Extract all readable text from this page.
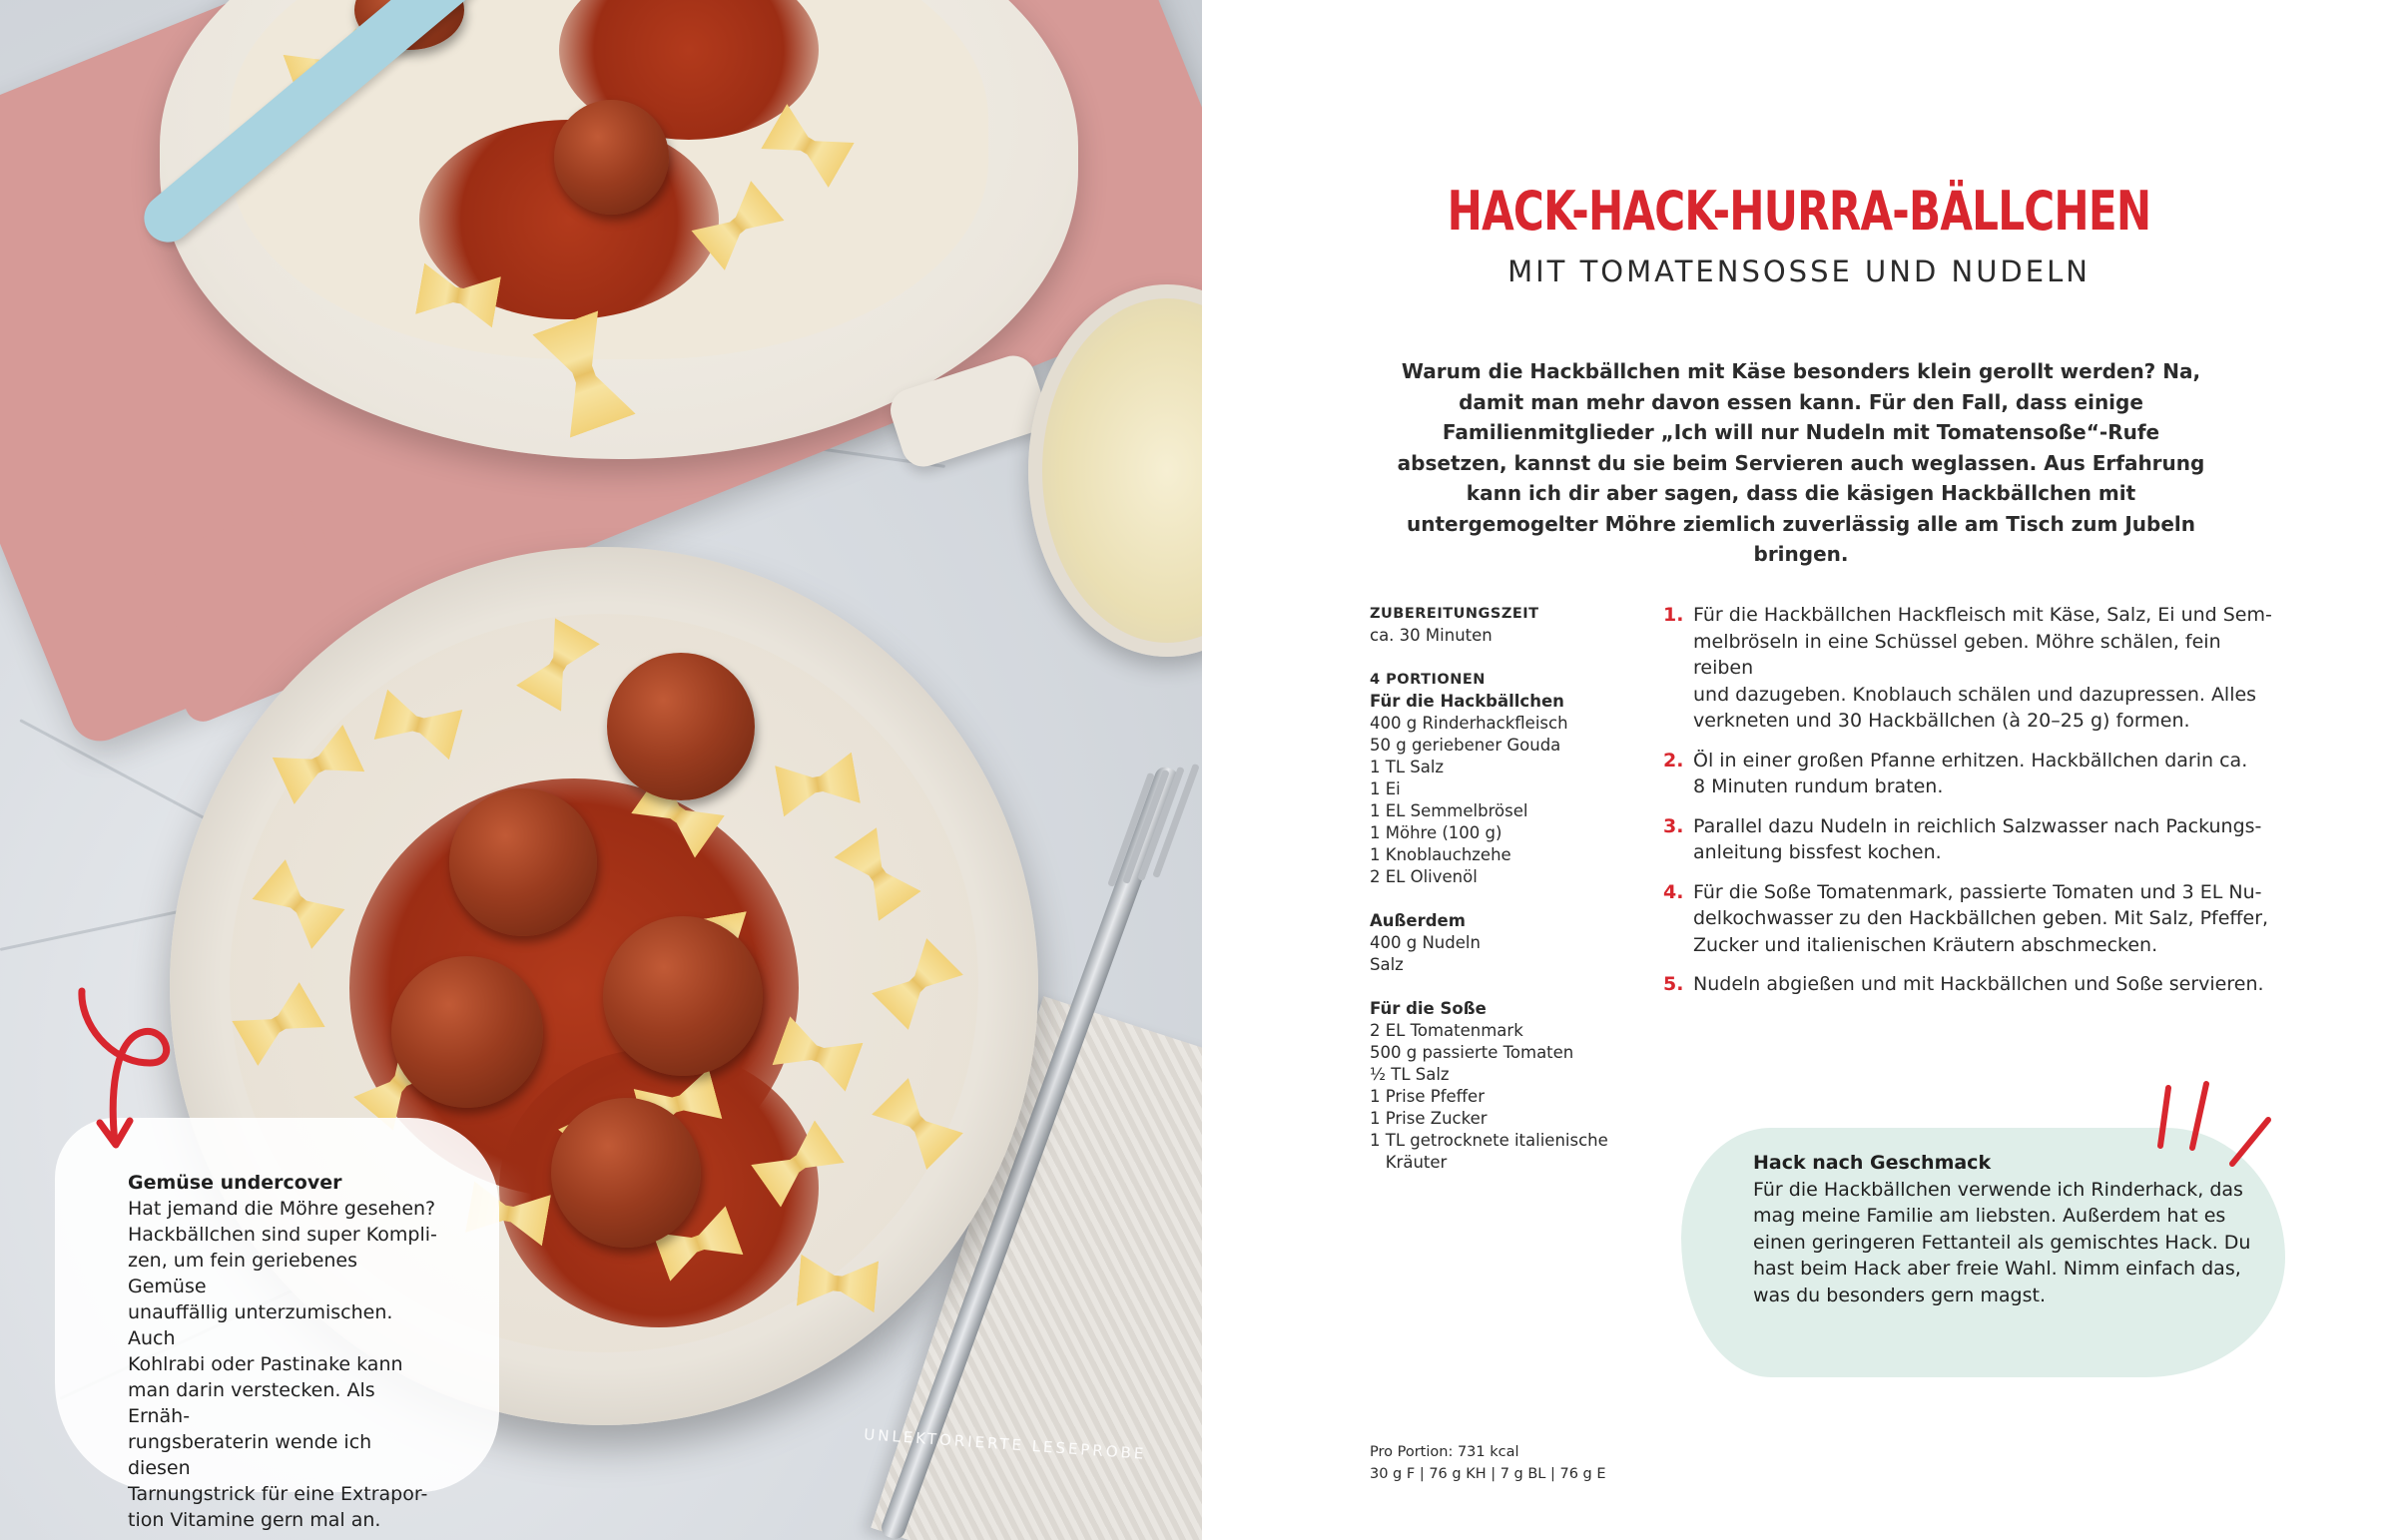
Gemüse undercover
Hat jemand die Möhre gesehen?
Hackbällchen sind super Kompli-
zen, um fein geriebenes Gemüse
unauffällig unterzumischen. Auch
Kohlrabi oder Pastinake kann
man darin verstecken. Als Ernäh-
rungsberaterin wende ich diesen
Tarnungstrick für eine Extrapor-
tion Vitamine gern mal an.
UNLEKTORIERTE LESEPROBE
HACK-HACK-HURRA-BÄLLCHEN
MIT TOMATENSOSSE UND NUDELN
Warum die Hackbällchen mit Käse besonders klein gerollt werden? Na, damit man mehr davon essen kann. Für den Fall, dass einige Familienmitglieder „Ich will nur Nudeln mit Tomatensoße“-Rufe absetzen, kannst du sie beim Servieren auch weglassen. Aus Erfahrung kann ich dir aber sagen, dass die käsigen Hackbällchen mit untergemogelter Möhre ziemlich zuverlässig alle am Tisch zum Jubeln bringen.
ZUBEREITUNGSZEIT
ca. 30 Minuten
4 PORTIONEN
Für die Hackbällchen
400 g Rinderhackfleisch
50 g geriebener Gouda
1 TL Salz
1 Ei
1 EL Semmelbrösel
1 Möhre (100 g)
1 Knoblauchzehe
2 EL Olivenöl
Außerdem
400 g Nudeln
Salz
Für die Soße
2 EL Tomatenmark
500 g passierte Tomaten
½ TL Salz
1 Prise Pfeffer
1 Prise Zucker
1 TL getrocknete italienische
Kräuter
1. Für die Hackbällchen Hackfleisch mit Käse, Salz, Ei und Sem-
melbröseln in eine Schüssel geben. Möhre schälen, fein reiben
und dazugeben. Knoblauch schälen und dazupressen. Alles
verkneten und 30 Hackbällchen (à 20–25 g) formen.
2. Öl in einer großen Pfanne erhitzen. Hackbällchen darin ca.
8 Minuten rundum braten.
3. Parallel dazu Nudeln in reichlich Salzwasser nach Packungs-
anleitung bissfest kochen.
4. Für die Soße Tomatenmark, passierte Tomaten und 3 EL Nu-
delkochwasser zu den Hackbällchen geben. Mit Salz, Pfeffer,
Zucker und italienischen Kräutern abschmecken.
5. Nudeln abgießen und mit Hackbällchen und Soße servieren.
Hack nach Geschmack
Für die Hackbällchen verwende ich Rinderhack, das
mag meine Familie am liebsten. Außerdem hat es
einen geringeren Fettanteil als gemischtes Hack. Du
hast beim Hack aber freie Wahl. Nimm einfach das,
was du besonders gern magst.
Pro Portion: 731 kcal
30 g F | 76 g KH | 7 g BL | 76 g E
